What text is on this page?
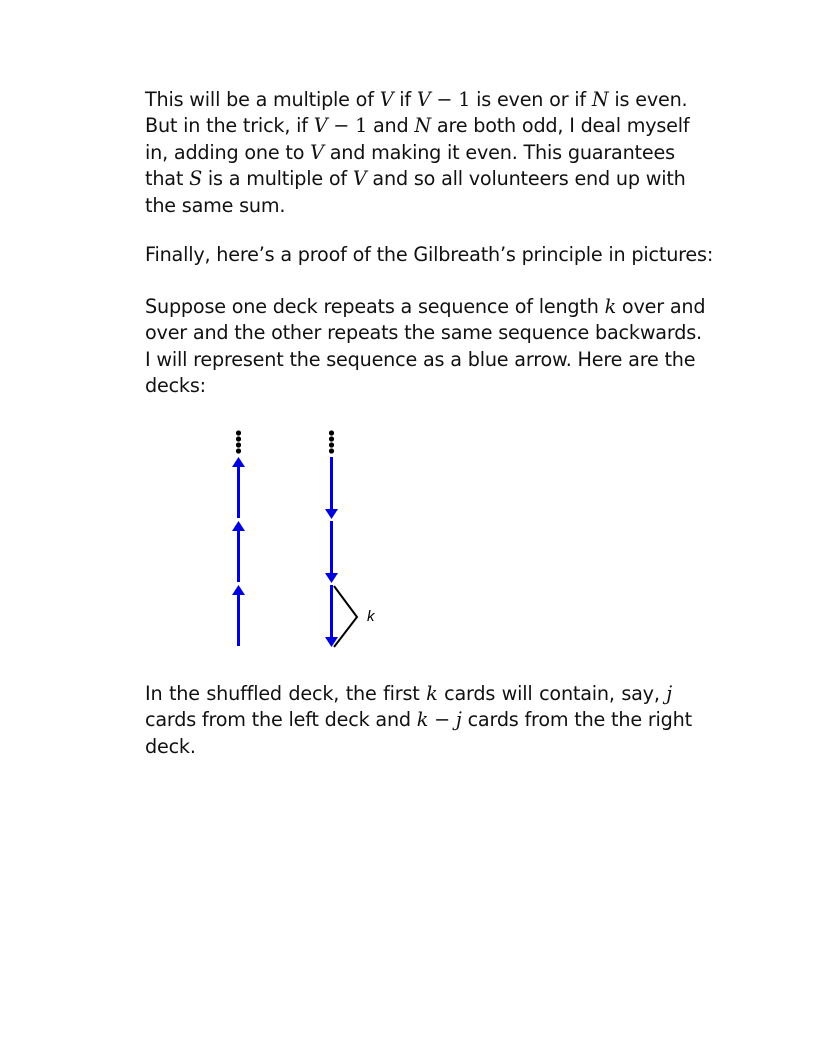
This will be a multiple of V if V − 1 is even or if N is even.
But in the trick, if V − 1 and N are both odd, I deal myself
in, adding one to V and making it even. This guarantees
that S is a multiple of V and so all volunteers end up with
the same sum.
Finally, here’s a proof of the Gilbreath’s principle in pictures:
Suppose one deck repeats a sequence of length k over and
over and the other repeats the same sequence backwards.
I will represent the sequence as a blue arrow. Here are the
decks:
k
In the shuffled deck, the first k cards will contain, say, j
cards from the left deck and k − j cards from the the right
deck.
